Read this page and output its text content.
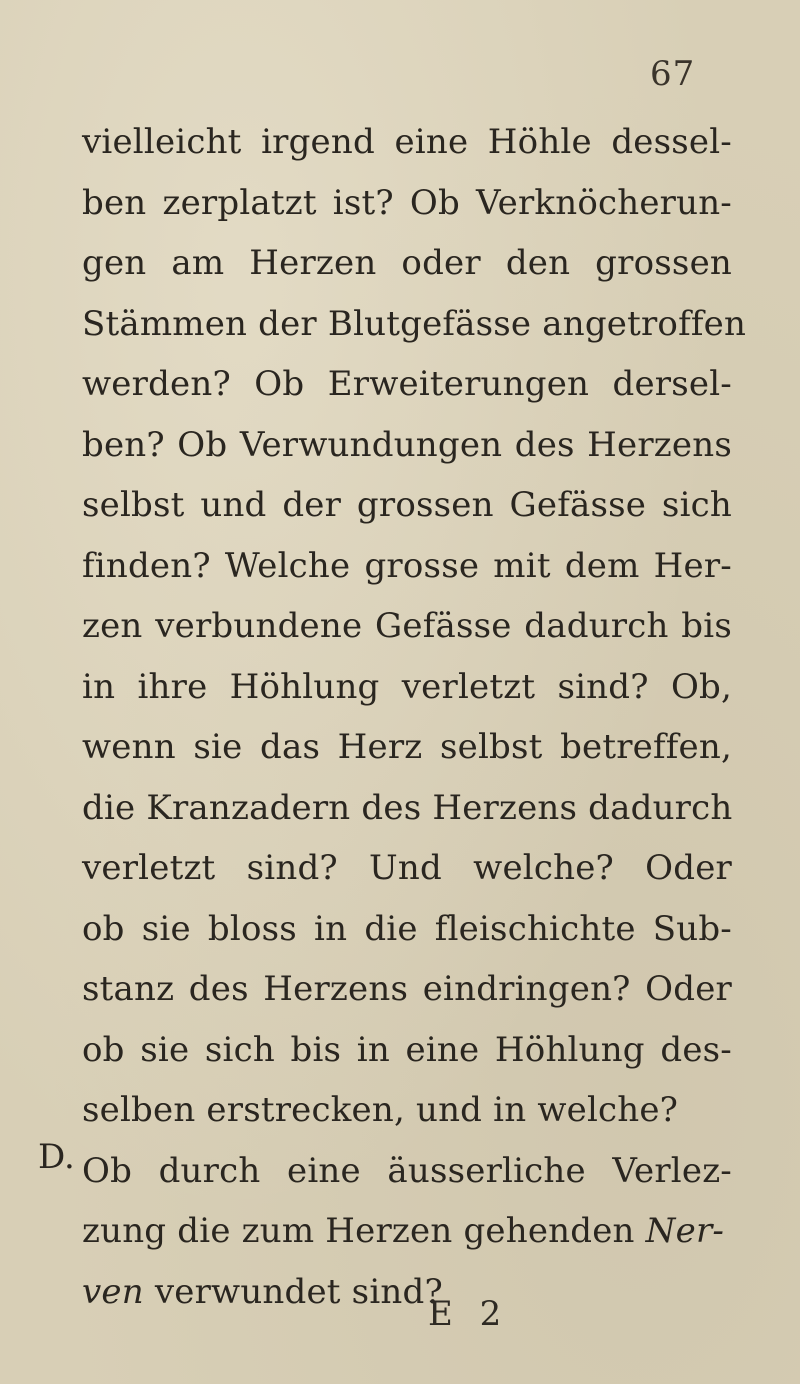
67
D.
vielleicht irgend eine Höhle dessel-
ben zerplatzt ist? Ob Verknöcherun-
gen am Herzen oder den grossen
Stämmen der Blutgefässe angetroffen
werden? Ob Erweiterungen dersel-
ben? Ob Verwundungen des Herzens
selbst und der grossen Gefässe sich
finden? Welche grosse mit dem Her-
zen verbundene Gefässe dadurch bis
in ihre Höhlung verletzt sind? Ob,
wenn sie das Herz selbst betreffen,
die Kranzadern des Herzens dadurch
verletzt sind? Und welche? Oder
ob sie bloss in die fleischichte Sub-
stanz des Herzens eindringen? Oder
ob sie sich bis in eine Höhlung des-
selben erstrecken, und in welche?
Ob durch eine äusserliche Verlez-
zung die zum Herzen gehenden Ner-
ven verwundet sind?
E 2
